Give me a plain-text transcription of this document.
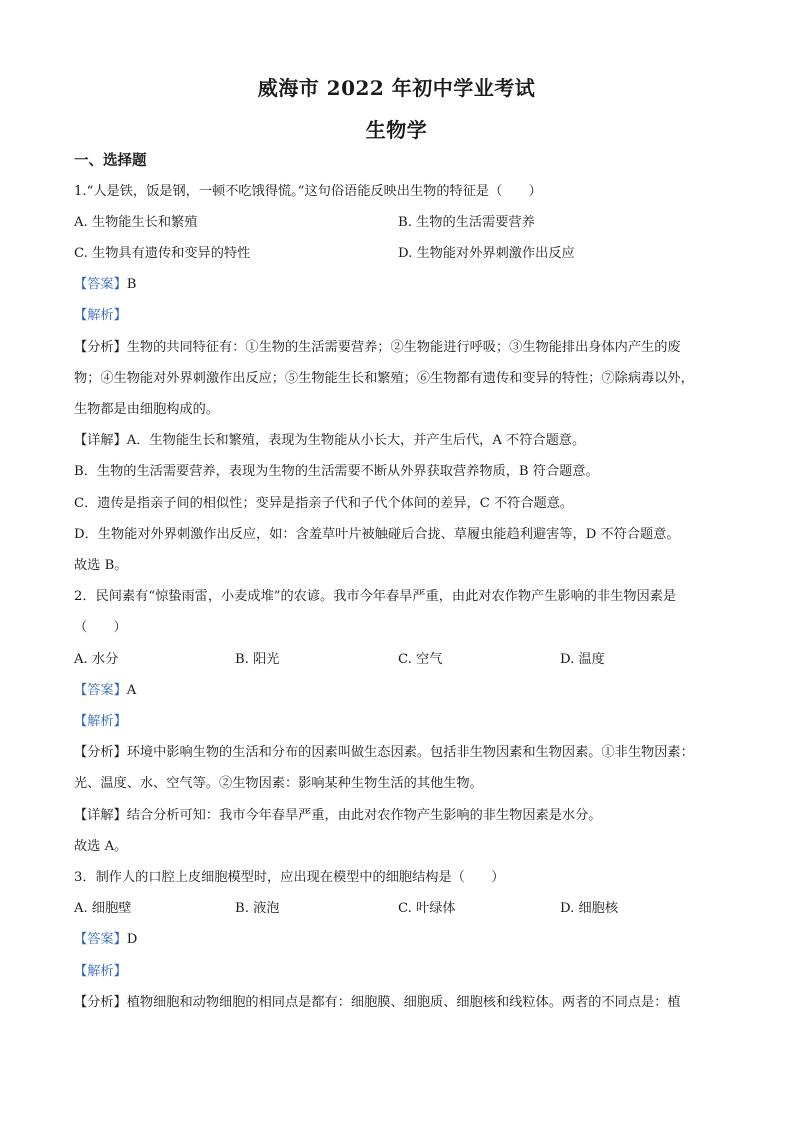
威海市 2022 年初中学业考试
生物学
一、选择题
1.“人是铁，饭是钢，一顿不吃饿得慌。”这句俗语能反映出生物的特征是（　　）
A. 生物能生长和繁殖	B. 生物的生活需要营养
C. 生物具有遗传和变异的特性	D. 生物能对外界刺激作出反应
【答案】B
【解析】
【分析】生物的共同特征有：①生物的生活需要营养；②生物能进行呼吸；③生物能排出身体内产生的废
物；④生物能对外界刺激作出反应；⑤生物能生长和繁殖；⑥生物都有遗传和变异的特性；⑦除病毒以外，
生物都是由细胞构成的。
【详解】A．生物能生长和繁殖，表现为生物能从小长大，并产生后代，A 不符合题意。
B．生物的生活需要营养，表现为生物的生活需要不断从外界获取营养物质，B 符合题意。
C．遗传是指亲子间的相似性；变异是指亲子代和子代个体间的差异，C 不符合题意。
D．生物能对外界刺激作出反应，如：含羞草叶片被触碰后合拢、草履虫能趋利避害等，D 不符合题意。
故选 B。
2．民间素有“惊蛰雨雷，小麦成堆”的农谚。我市今年春旱严重，由此对农作物产生影响的非生物因素是
（　　）
A. 水分	B. 阳光	C. 空气	D. 温度
【答案】A
【解析】
【分析】环境中影响生物的生活和分布的因素叫做生态因素。包括非生物因素和生物因素。①非生物因素：
光、温度、水、空气等。②生物因素：影响某种生物生活的其他生物。
【详解】结合分析可知：我市今年春旱严重，由此对农作物产生影响的非生物因素是水分。
故选 A。
3．制作人的口腔上皮细胞模型时，应出现在模型中的细胞结构是（　　）
A. 细胞壁	B. 液泡	C. 叶绿体	D. 细胞核
【答案】D
【解析】
【分析】植物细胞和动物细胞的相同点是都有：细胞膜、细胞质、细胞核和线粒体。两者的不同点是：植
